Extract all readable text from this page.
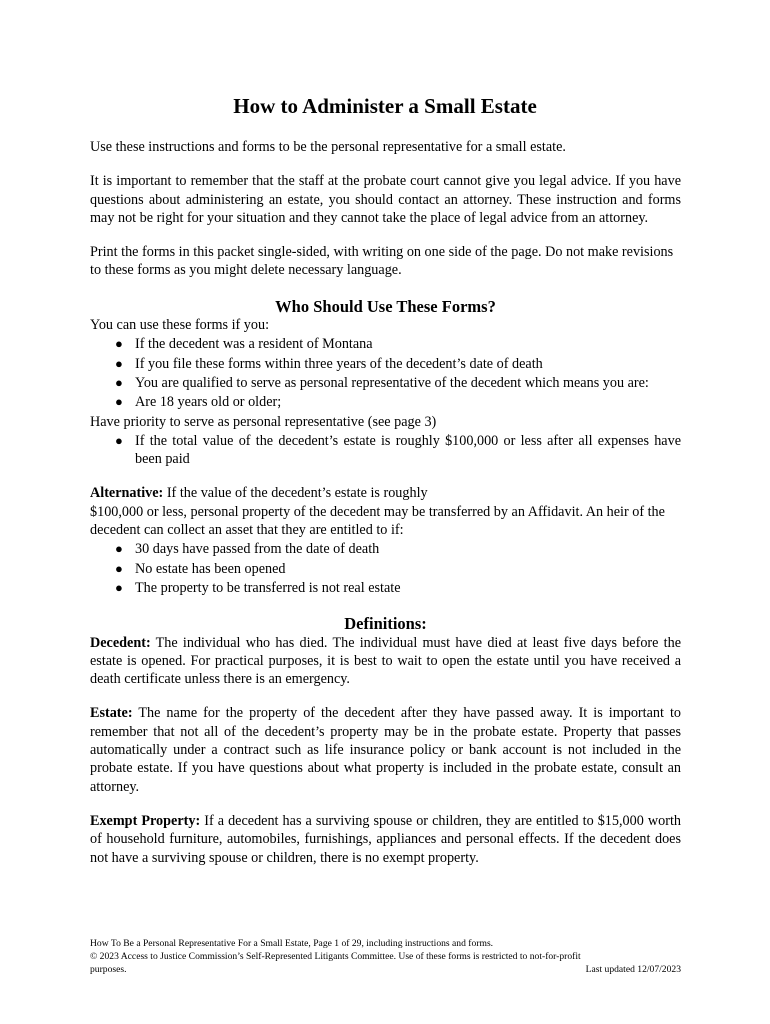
How to Administer a Small Estate

Use these instructions and forms to be the personal representative for a small estate.

It is important to remember that the staff at the probate court cannot give you legal advice. If you have questions about administering an estate, you should contact an attorney. These instruction and forms may not be right for your situation and they cannot take the place of legal advice from an attorney.

Print the forms in this packet single-sided, with writing on one side of the page. Do not make revisions to these forms as you might delete necessary language.

Who Should Use These Forms?

You can use these forms if you:

● If the decedent was a resident of Montana
● If you file these forms within three years of the decedent’s date of death
● You are qualified to serve as personal representative of the decedent which means you are:
● Are 18 years old or older;

Have priority to serve as personal representative (see page 3)

● If the total value of the decedent’s estate is roughly $100,000 or less after all expenses have been paid

Alternative: If the value of the decedent’s estate is roughly
$100,000 or less, personal property of the decedent may be transferred by an Affidavit. An heir of the decedent can collect an asset that they are entitled to if:

● 30 days have passed from the date of death
● No estate has been opened
● The property to be transferred is not real estate
Definitions:

Decedent: The individual who has died. The individual must have died at least five days before the estate is opened. For practical purposes, it is best to wait to open the estate until you have received a death certificate unless there is an emergency.

Estate: The name for the property of the decedent after they have passed away. It is important to remember that not all of the decedent’s property may be in the probate estate. Property that passes automatically under a contract such as life insurance policy or bank account is not included in the probate estate. If you have questions about what property is included in the probate estate, consult an attorney.

Exempt Property: If a decedent has a surviving spouse or children, they are entitled to $15,000 worth of household furniture, automobiles, furnishings, appliances and personal effects. If the decedent does not have a surviving spouse or children, there is no exempt property.

How To Be a Personal Representative For a Small Estate, Page 1 of 29, including instructions and forms.
© 2023 Access to Justice Commission’s Self-Represented Litigants Committee. Use of these forms is restricted to not-for-profit
purposes.	Last updated 12/07/2023
